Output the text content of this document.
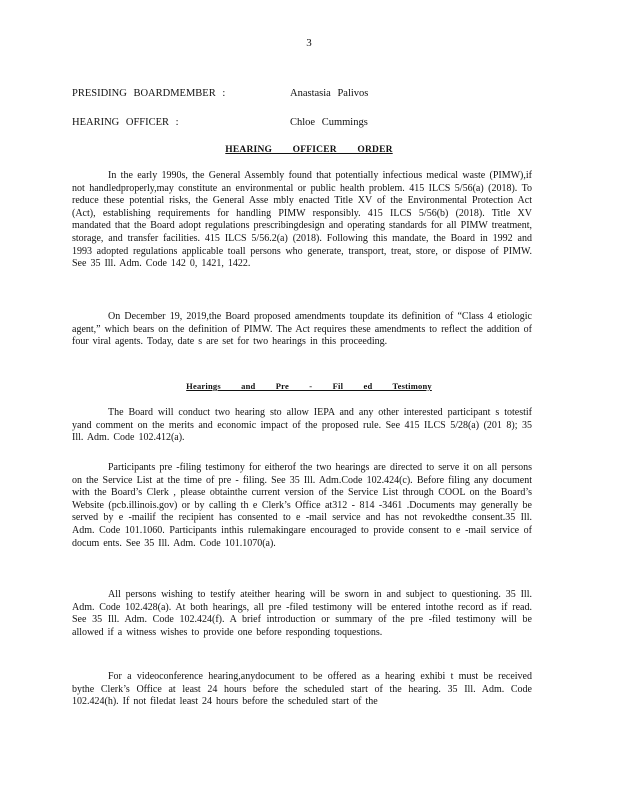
3
PRESIDING BOARDMEMBER :	Anastasia Palivos
HEARING OFFICER :	Chloe Cummings
HEARING OFFICER ORDER
In the early 1990s, the General Assembly found that potentially infectious medical waste (PIMW),if not handledproperly,may constitute an environmental or public health problem. 415 ILCS 5/56(a) (2018). To reduce these potential risks, the General Asse mbly enacted Title XV of the Environmental Protection Act (Act), establishing requirements for handling PIMW responsibly. 415 ILCS 5/56(b) (2018). Title XV mandated that the Board adopt regulations prescribingdesign and operating standards for all PIMW treatment, storage, and transfer facilities. 415 ILCS 5/56.2(a) (2018). Following this mandate, the Board in 1992 and 1993 adopted regulations applicable toall persons who generate, transport, treat, store, or dispose of PIMW. See 35 Ill. Adm. Code 142 0, 1421, 1422.
On December 19, 2019,the Board proposed amendments toupdate its definition of “Class 4 etiologic agent,” which bears on the definition of PIMW. The Act requires these amendments to reflect the addition of four viral agents. Today, date s are set for two hearings in this proceeding.
Hearings and Pre - Fil ed Testimony
The Board will conduct two hearing sto allow IEPA and any other interested participant s totestif yand comment on the merits and economic impact of the proposed rule. See 415 ILCS 5/28(a) (201 8); 35 Ill. Adm. Code 102.412(a).
Participants pre -filing testimony for eitherof the two hearings are directed to serve it on all persons on the Service List at the time of pre - filing. See 35 Ill. Adm.Code 102.424(c). Before filing any document with the Board’s Clerk , please obtainthe current version of the Service List through COOL on the Board’s Website (pcb.illinois.gov) or by calling th e Clerk’s Office at312 - 814 -3461 .Documents may generally be served by e -mailif the recipient has consented to e -mail service and has not revokedthe consent.35 Ill. Adm. Code 101.1060. Participants inthis rulemakingare encouraged to provide consent to e -mail service of docum ents. See 35 Ill. Adm. Code 101.1070(a).
All persons wishing to testify ateither hearing will be sworn in and subject to questioning. 35 Ill. Adm. Code 102.428(a). At both hearings, all pre -filed testimony will be entered intothe record as if read. See 35 Ill. Adm. Code 102.424(f). A brief introduction or summary of the pre -filed testimony will be allowed if a witness wishes to provide one before responding toquestions.
For a videoconference hearing,anydocument to be offered as a hearing exhibi t must be received bythe Clerk’s Office at least 24 hours before the scheduled start of the hearing. 35 Ill. Adm. Code 102.424(h). If not filedat least 24 hours before the scheduled start of the
